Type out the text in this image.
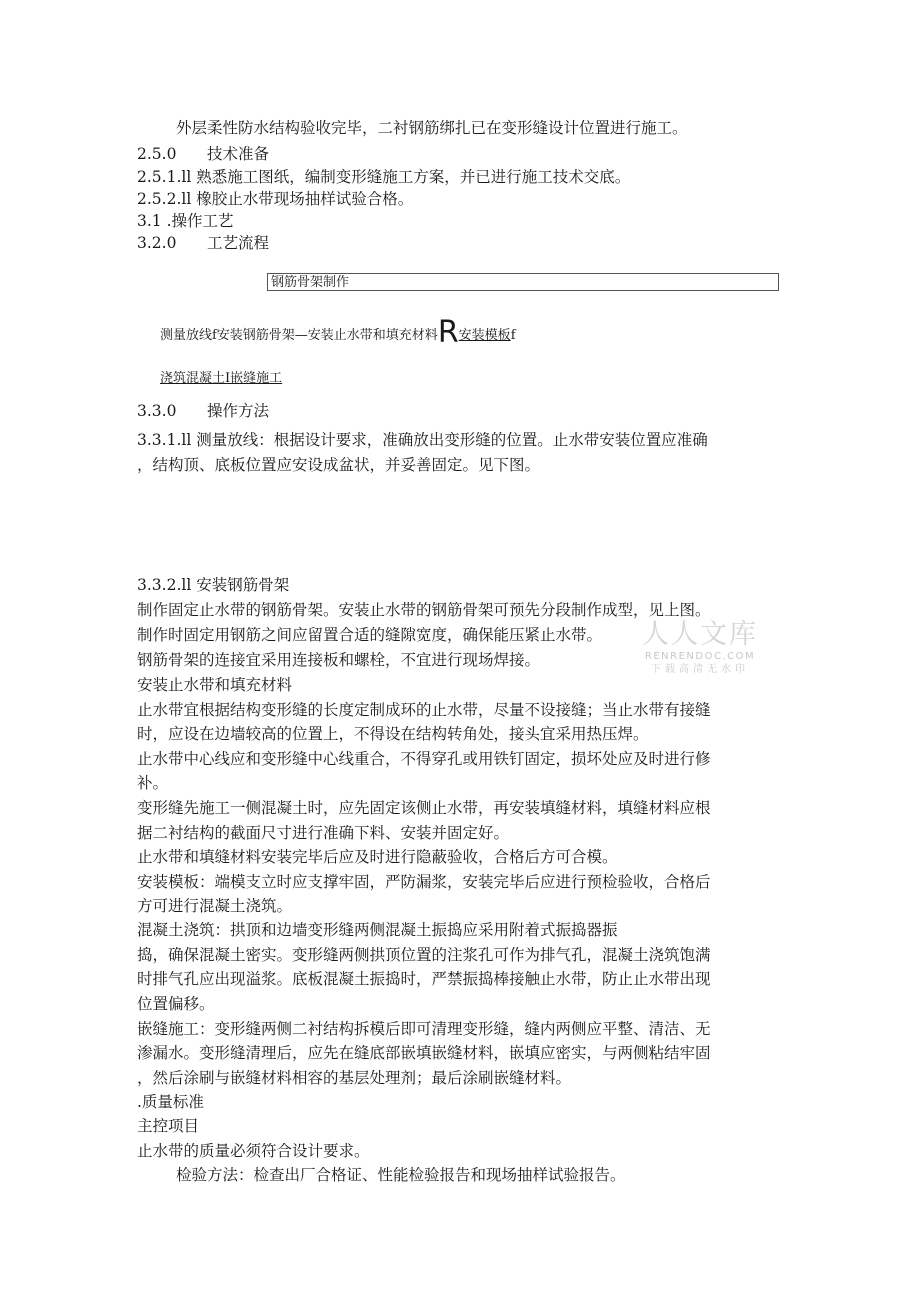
外层柔性防水结构验收完毕，二衬钢筋绑扎已在变形缝设计位置进行施工。
2.5.0 技术准备
2.5.1.ll 熟悉施工图纸，编制变形缝施工方案，并已进行施工技术交底。
2.5.2.ll 橡胶止水带现场抽样试验合格。
3.1 .操作工艺
3.2.0 工艺流程
钢筋骨架制作
测量放线f安装钢筋骨架—安装止水带和填充材料R安装模板f
浇筑混凝土I嵌缝施工
3.3.0 操作方法
3.3.1.ll 测量放线：根据设计要求，准确放出变形缝的位置。止水带安装位置应准确
，结构顶、底板位置应安设成盆状，并妥善固定。见下图。
3.3.2.ll 安装钢筋骨架
制作固定止水带的钢筋骨架。安装止水带的钢筋骨架可预先分段制作成型，见上图。
制作时固定用钢筋之间应留置合适的缝隙宽度，确保能压紧止水带。
钢筋骨架的连接宜采用连接板和螺栓，不宜进行现场焊接。
安装止水带和填充材料
止水带宜根据结构变形缝的长度定制成环的止水带，尽量不设接缝；当止水带有接缝
时，应设在边墙较高的位置上，不得设在结构转角处，接头宜采用热压焊。
止水带中心线应和变形缝中心线重合，不得穿孔或用铁钉固定，损坏处应及时进行修
补。
变形缝先施工一侧混凝土时，应先固定该侧止水带，再安装填缝材料，填缝材料应根
据二衬结构的截面尺寸进行准确下料、安装并固定好。
止水带和填缝材料安装完毕后应及时进行隐蔽验收，合格后方可合模。
安装模板：端模支立时应支撑牢固，严防漏浆，安装完毕后应进行预检验收，合格后
方可进行混凝土浇筑。
混凝土浇筑：拱顶和边墙变形缝两侧混凝土振捣应采用附着式振捣器振
捣，确保混凝土密实。变形缝两侧拱顶位置的注浆孔可作为排气孔，混凝土浇筑饱满
时排气孔应出现溢浆。底板混凝土振捣时，严禁振捣棒接触止水带，防止止水带出现
位置偏移。
嵌缝施工：变形缝两侧二衬结构拆模后即可清理变形缝，缝内两侧应平整、清洁、无
渗漏水。变形缝清理后，应先在缝底部嵌填嵌缝材料，嵌填应密实，与两侧粘结牢固
，然后涂刷与嵌缝材料相容的基层处理剂；最后涂刷嵌缝材料。
.质量标准
主控项目
止水带的质量必须符合设计要求。
检验方法：检查出厂合格证、性能检验报告和现场抽样试验报告。
人人文库
RENRENDOC.COM
下载高清无水印
